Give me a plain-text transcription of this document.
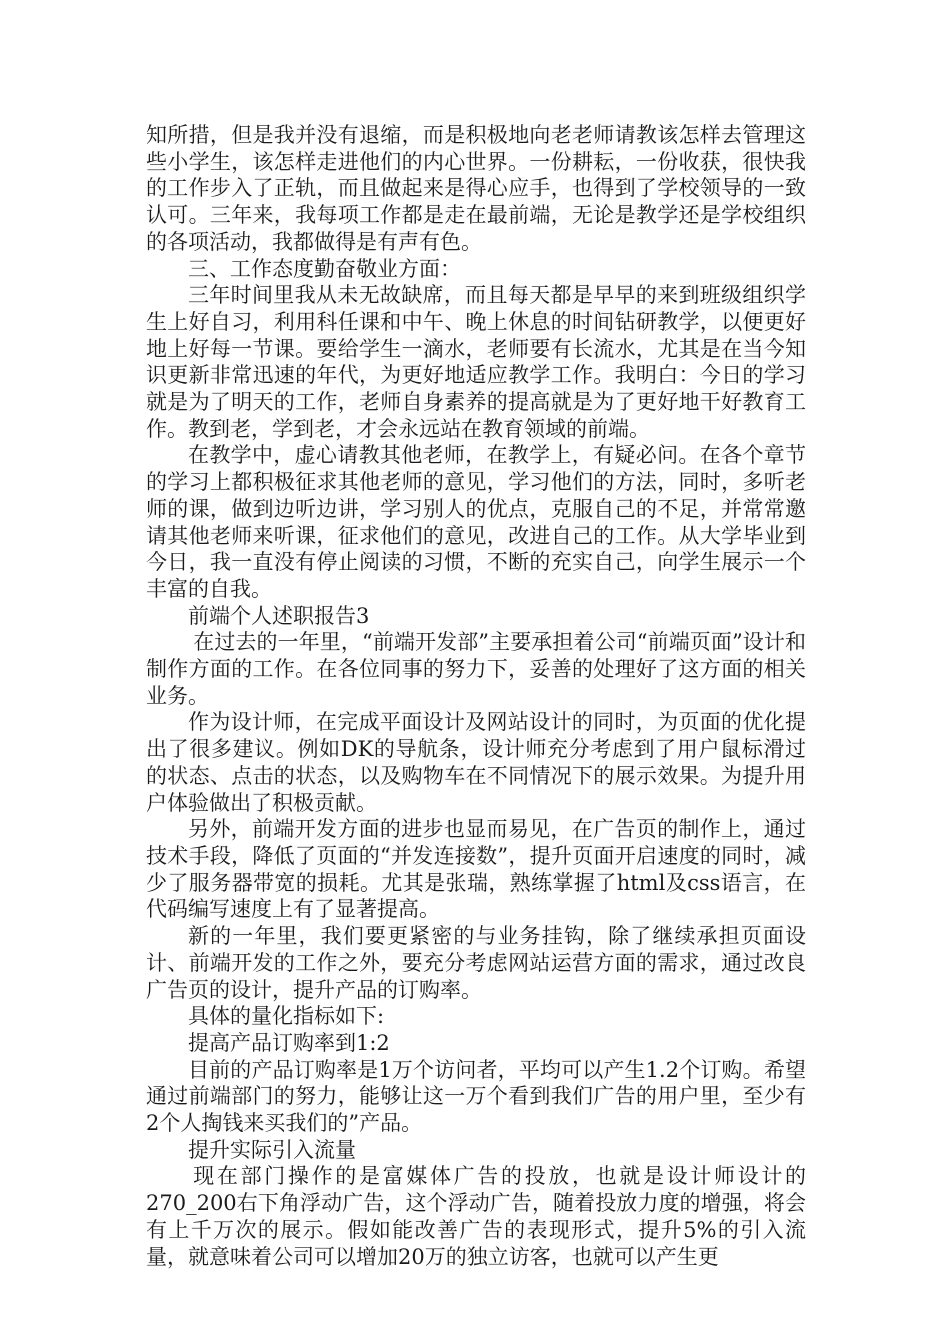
知所措，但是我并没有退缩，而是积极地向老老师请教该怎样去管理这些小学生，该怎样走进他们的内心世界。一份耕耘，一份收获，很快我的工作步入了正轨，而且做起来是得心应手，也得到了学校领导的一致认可。三年来，我每项工作都是走在最前端，无论是教学还是学校组织的各项活动，我都做得是有声有色。

三、工作态度勤奋敬业方面：

三年时间里我从未无故缺席，而且每天都是早早的来到班级组织学生上好自习，利用科任课和中午、晚上休息的时间钻研教学，以便更好地上好每一节课。要给学生一滴水，老师要有长流水，尤其是在当今知识更新非常迅速的年代，为更好地适应教学工作。我明白：今日的学习就是为了明天的工作，老师自身素养的提高就是为了更好地干好教育工作。教到老，学到老，才会永远站在教育领域的前端。

在教学中，虚心请教其他老师，在教学上，有疑必问。在各个章节的学习上都积极征求其他老师的意见，学习他们的方法，同时，多听老师的课，做到边听边讲，学习别人的优点，克服自己的不足，并常常邀请其他老师来听课，征求他们的意见，改进自己的工作。从大学毕业到今日，我一直没有停止阅读的习惯，不断的充实自己，向学生展示一个丰富的自我。

前端个人述职报告3

在过去的一年里，“前端开发部”主要承担着公司“前端页面”设计和制作方面的工作。在各位同事的努力下，妥善的处理好了这方面的相关业务。

作为设计师，在完成平面设计及网站设计的同时，为页面的优化提出了很多建议。例如DK的导航条，设计师充分考虑到了用户鼠标滑过的状态、点击的状态，以及购物车在不同情况下的展示效果。为提升用户体验做出了积极贡献。

另外，前端开发方面的进步也显而易见，在广告页的制作上，通过技术手段，降低了页面的“并发连接数”，提升页面开启速度的同时，减少了服务器带宽的损耗。尤其是张瑞，熟练掌握了html及css语言，在代码编写速度上有了显著提高。

新的一年里，我们要更紧密的与业务挂钩，除了继续承担页面设计、前端开发的工作之外，要充分考虑网站运营方面的需求，通过改良广告页的设计，提升产品的订购率。

具体的量化指标如下:

提高产品订购率到1:2

目前的产品订购率是1万个访问者，平均可以产生1.2个订购。希望通过前端部门的努力，能够让这一万个看到我们广告的用户里，至少有2个人掏钱来买我们的”产品。

提升实际引入流量

现在部门操作的是富媒体广告的投放，也就是设计师设计的270_200右下角浮动广告，这个浮动广告，随着投放力度的增强，将会有上千万次的展示。假如能改善广告的表现形式，提升5%的引入流量，就意味着公司可以增加20万的独立访客，也就可以产生更
